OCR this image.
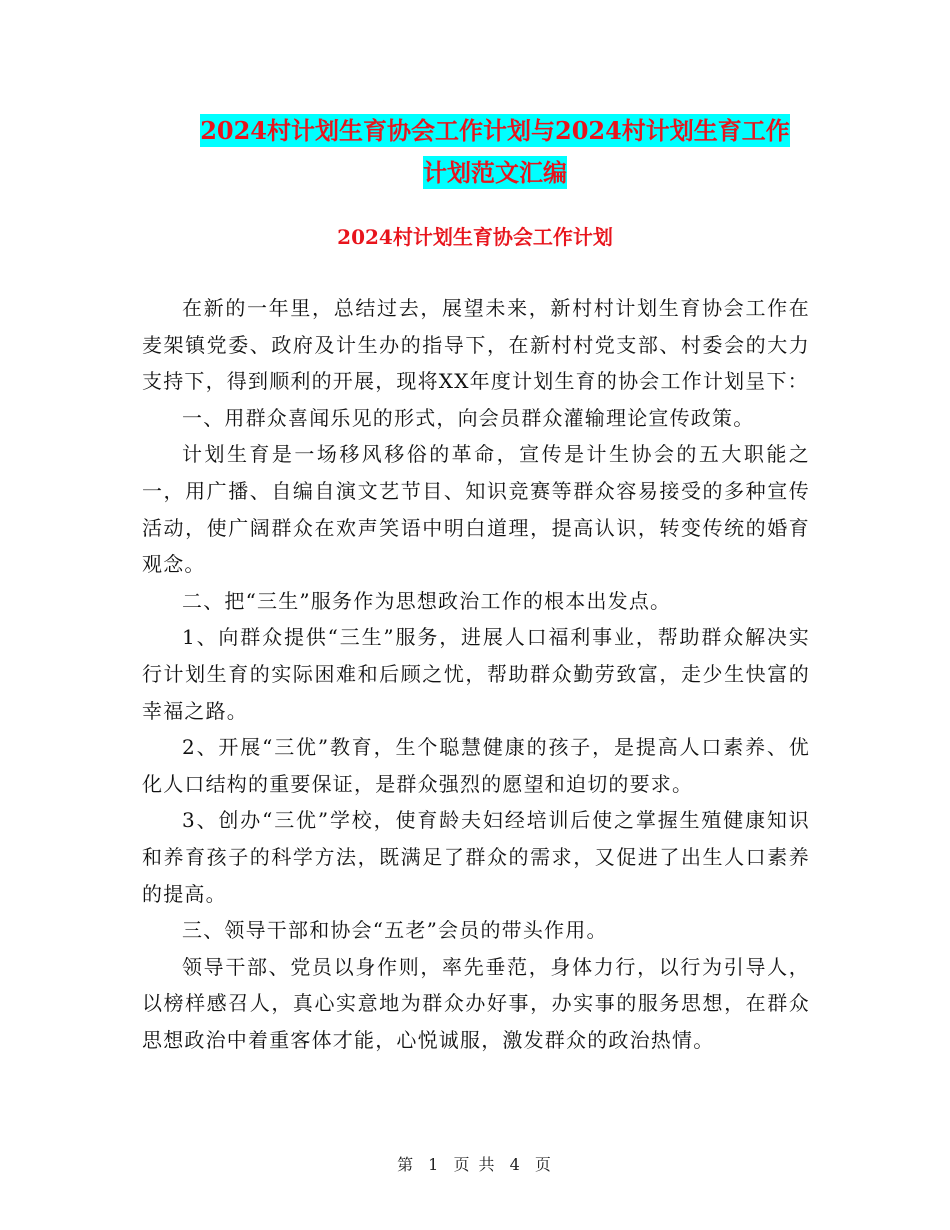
2024村计划生育协会工作计划与2024村计划生育工作
计划范文汇编
2024村计划生育协会工作计划

在新的一年里，总结过去，展望未来，新村村计划生育协会工作在麦架镇党委、政府及计生办的指导下，在新村村党支部、村委会的大力支持下，得到顺利的开展，现将XX年度计划生育的协会工作计划呈下：

一、用群众喜闻乐见的形式，向会员群众灌输理论宣传政策。

计划生育是一场移风移俗的革命，宣传是计生协会的五大职能之一，用广播、自编自演文艺节目、知识竞赛等群众容易接受的多种宣传活动，使广阔群众在欢声笑语中明白道理，提高认识，转变传统的婚育观念。

二、把“三生”服务作为思想政治工作的根本出发点。

1、向群众提供“三生”服务，进展人口福利事业，帮助群众解决实行计划生育的实际困难和后顾之忧，帮助群众勤劳致富，走少生快富的幸福之路。

2、开展“三优”教育，生个聪慧健康的孩子，是提高人口素养、优化人口结构的重要保证，是群众强烈的愿望和迫切的要求。

3、创办“三优”学校，使育龄夫妇经培训后使之掌握生殖健康知识和养育孩子的科学方法，既满足了群众的需求，又促进了出生人口素养的提高。

三、领导干部和协会“五老”会员的带头作用。

领导干部、党员以身作则，率先垂范，身体力行，以行为引导人，以榜样感召人，真心实意地为群众办好事，办实事的服务思想，在群众思想政治中着重客体才能，心悦诚服，激发群众的政治热情。

第 1 页 共 4 页
